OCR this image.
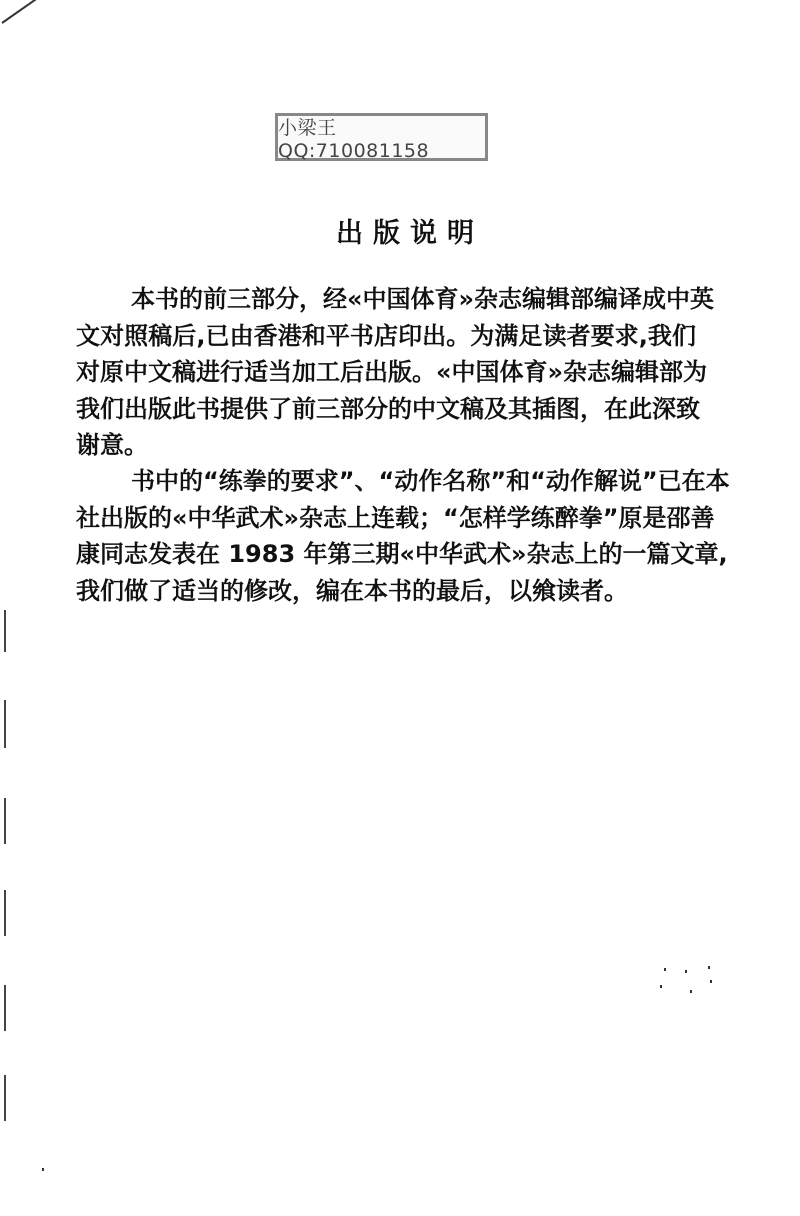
小梁王QQ:710081158
出版说明
本书的前三部分，经«中国体育»杂志编辑部编译成中英
文对照稿后,已由香港和平书店印出。为满足读者要求,我们
对原中文稿进行适当加工后出版。«中国体育»杂志编辑部为
我们出版此书提供了前三部分的中文稿及其插图，在此深致
谢意。
书中的“练拳的要求”、“动作名称”和“动作解说”已在本
社出版的«中华武术»杂志上连载；“怎样学练醉拳”原是邵善
康同志发表在 1983 年第三期«中华武术»杂志上的一篇文章,
我们做了适当的修改，编在本书的最后，以飨读者。
